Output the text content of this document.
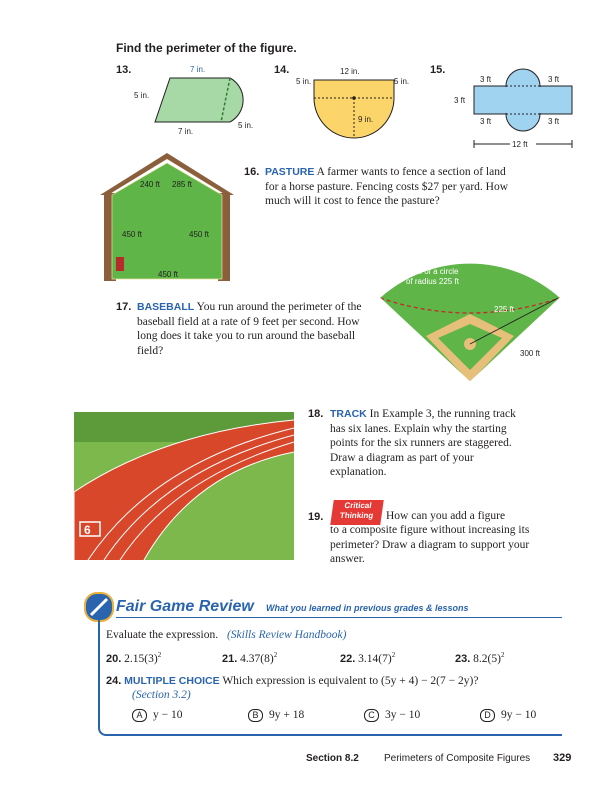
Find the perimeter of the figure.
13.	7 in.
5 in.
7 in.
5 in.
14.	12 in.
5 in.	5 in.
9 in.
15.
3 ft	3 ft
3 ft
3 ft	3 ft
12 ft
240 ft 285 ft
450 ft	450 ft
450 ft
16. PASTURE A farmer wants to fence a section of land for a horse pasture. Fencing costs $27 per yard. How much will it cost to fence the pasture?
40% of a circle
of radius 225 ft
225 ft
300 ft
17. BASEBALL You run around the perimeter of the baseball field at a rate of 9 feet per second. How long does it take you to run around the baseball field?
6
18. TRACK In Example 3, the running track has six lanes. Explain why the starting points for the six runners are staggered. Draw a diagram as part of your explanation.
19.
Critical
Thinking	How can you add a figure
to a composite figure without increasing its perimeter? Draw a diagram to support your answer.
Fair Game Review What you learned in previous grades & lessons
Evaluate the expression. (Skills Review Handbook)
20. $2.15(3)^2$	21. $4.37(8)^2$	22. $3.14(7)^2$	23. $8.2(5)^2$
24. MULTIPLE CHOICE Which expression is equivalent to (5y + 4) − 2(7 − 2y)?
(Section 3.2)
A y − 10	B 9y + 18	C 3y − 10	D 9y − 10
Section 8.2	Perimeters of Composite Figures 329
